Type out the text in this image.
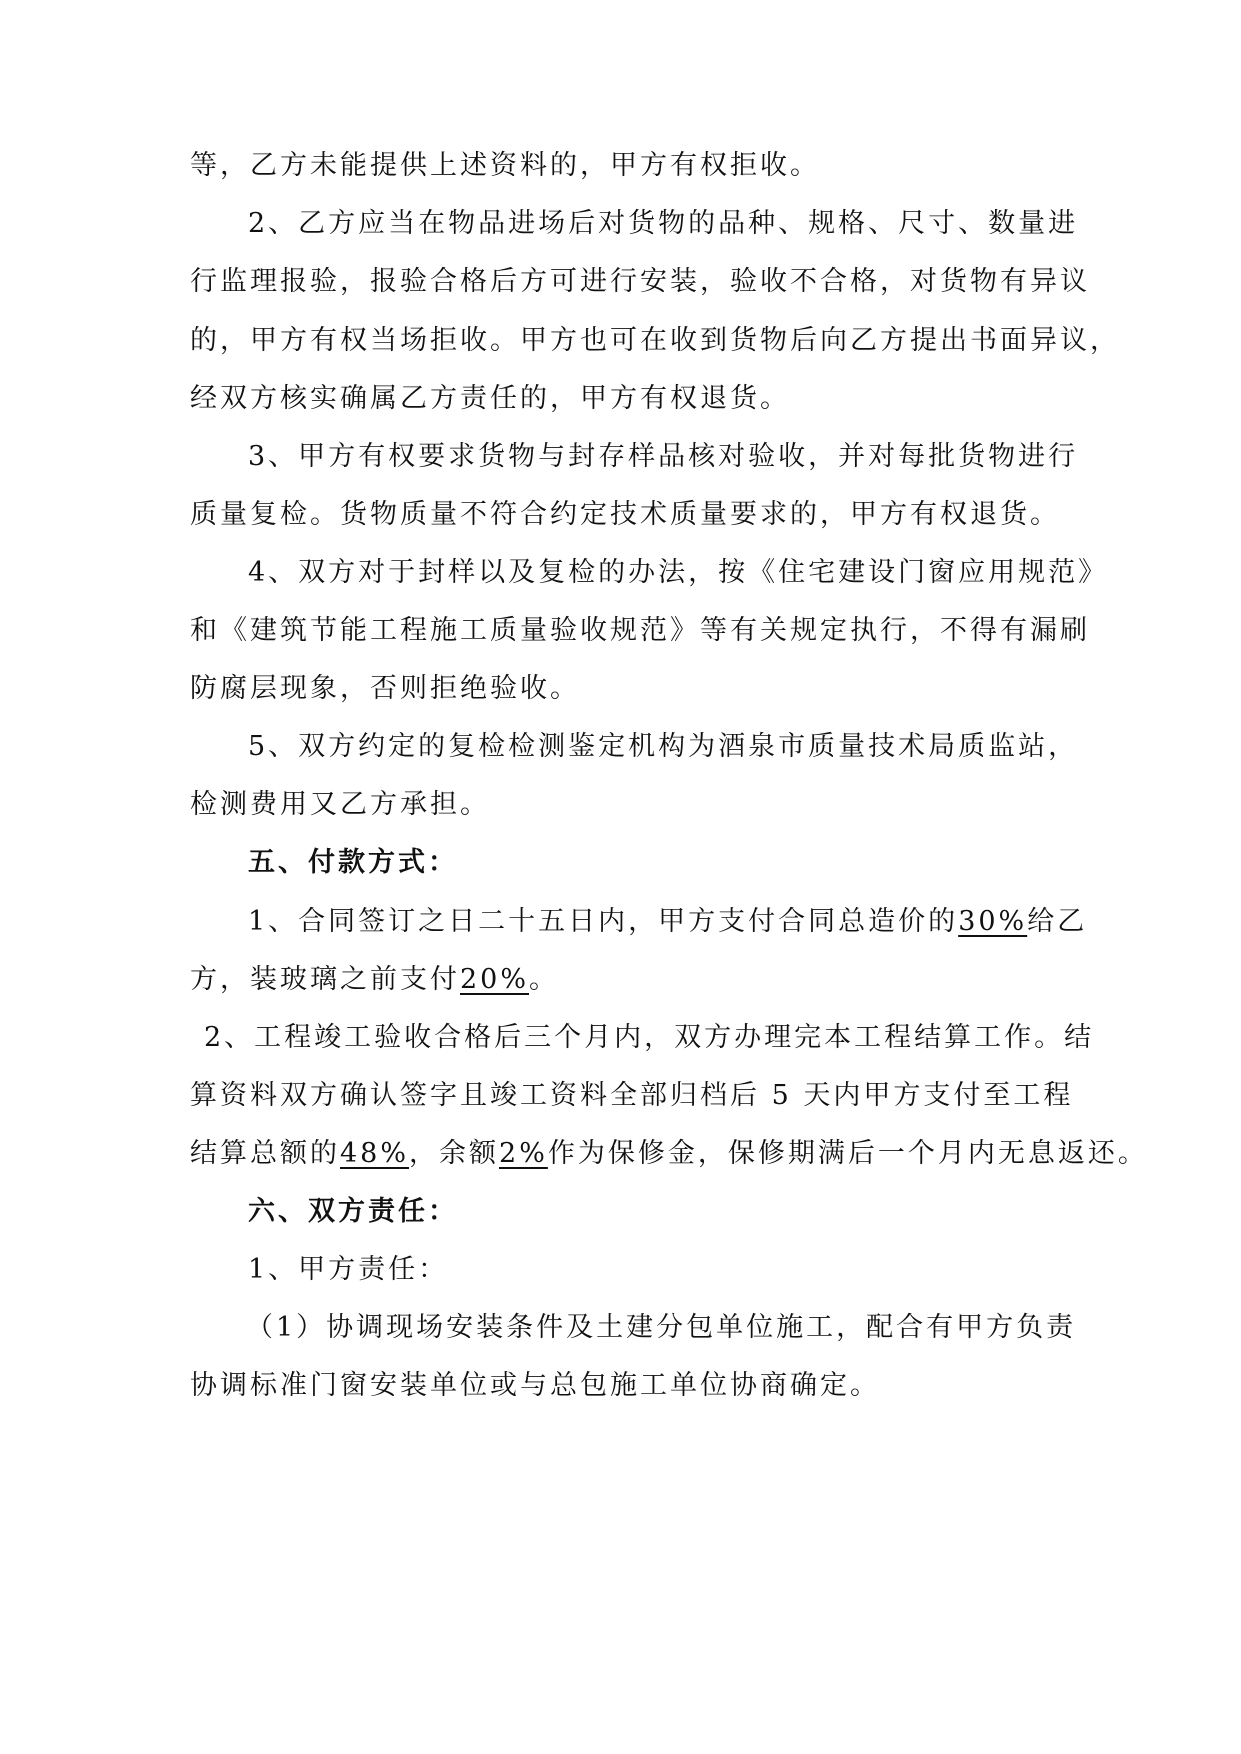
等，乙方未能提供上述资料的，甲方有权拒收。
2、乙方应当在物品进场后对货物的品种、规格、尺寸、数量进
行监理报验，报验合格后方可进行安装，验收不合格，对货物有异议
的，甲方有权当场拒收。甲方也可在收到货物后向乙方提出书面异议，
经双方核实确属乙方责任的，甲方有权退货。
3、甲方有权要求货物与封存样品核对验收，并对每批货物进行
质量复检。货物质量不符合约定技术质量要求的，甲方有权退货。
4、双方对于封样以及复检的办法，按《住宅建设门窗应用规范》
和《建筑节能工程施工质量验收规范》等有关规定执行，不得有漏刷
防腐层现象，否则拒绝验收。
5、双方约定的复检检测鉴定机构为酒泉市质量技术局质监站，
检测费用又乙方承担。
五、付款方式：
1、合同签订之日二十五日内，甲方支付合同总造价的30%给乙
方，装玻璃之前支付20%。
2、工程竣工验收合格后三个月内，双方办理完本工程结算工作。结
算资料双方确认签字且竣工资料全部归档后 5 天内甲方支付至工程
结算总额的48%，余额2%作为保修金，保修期满后一个月内无息返还。
六、双方责任：
1、甲方责任：
（1）协调现场安装条件及土建分包单位施工，配合有甲方负责
协调标准门窗安装单位或与总包施工单位协商确定。
